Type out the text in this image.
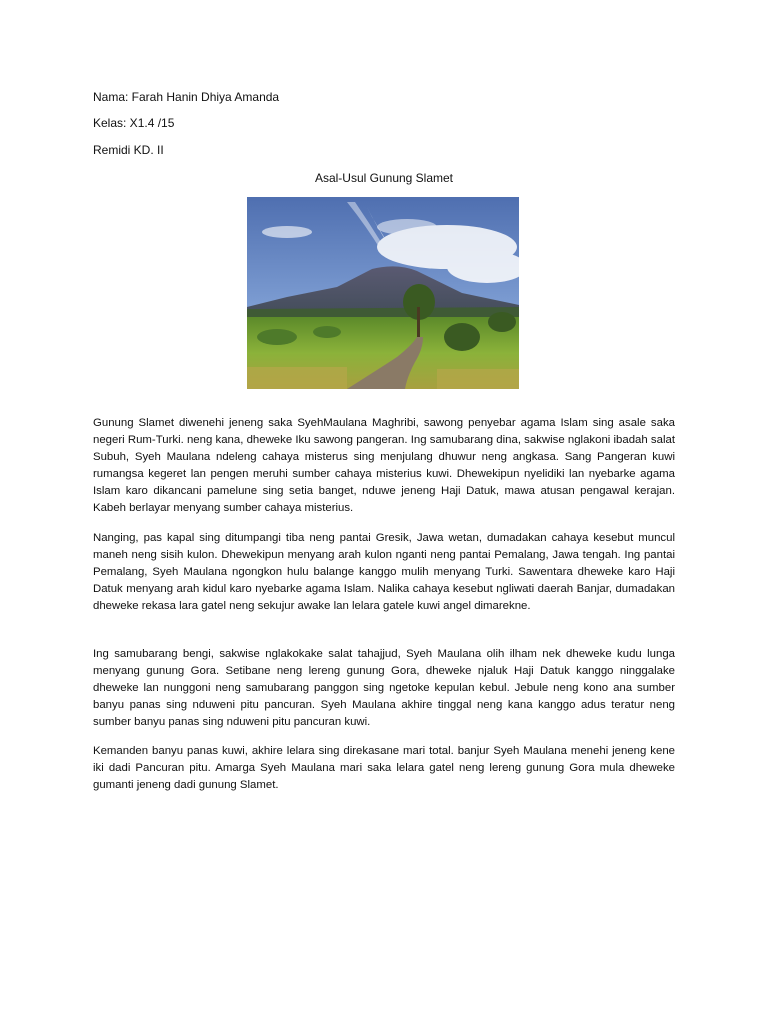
Nama: Farah Hanin Dhiya Amanda

Kelas: X1.4 /15

Remidi KD. II

Asal-Usul Gunung Slamet

Gunung Slamet diwenehi jeneng saka SyehMaulana Maghribi, sawong penyebar agama Islam sing asale saka negeri Rum-Turki. neng kana, dheweke Iku sawong pangeran. Ing samubarang dina, sakwise nglakoni ibadah salat Subuh, Syeh Maulana ndeleng cahaya misterus sing menjulang dhuwur neng angkasa. Sang Pangeran kuwi rumangsa kegeret lan pengen meruhi sumber cahaya misterius kuwi. Dhewekipun nyelidiki lan nyebarke agama Islam karo dikancani pamelune sing setia banget, nduwe jeneng Haji Datuk, mawa atusan pengawal kerajan. Kabeh berlayar menyang sumber cahaya misterius.

Nanging, pas kapal sing ditumpangi tiba neng pantai Gresik, Jawa wetan, dumadakan cahaya kesebut muncul maneh neng sisih kulon. Dhewekipun menyang arah kulon nganti neng pantai Pemalang, Jawa tengah. Ing pantai Pemalang, Syeh Maulana ngongkon hulu balange kanggo mulih menyang Turki. Sawentara dheweke karo Haji Datuk menyang arah kidul karo nyebarke agama Islam. Nalika cahaya kesebut ngliwati daerah Banjar, dumadakan dheweke rekasa lara gatel neng sekujur awake lan lelara gatele kuwi angel dimarekne.

Ing samubarang bengi, sakwise nglakokake salat tahajjud, Syeh Maulana olih ilham nek dheweke kudu lunga menyang gunung Gora. Setibane neng lereng gunung Gora, dheweke njaluk Haji Datuk kanggo ninggalake dheweke lan nunggoni neng samubarang panggon sing ngetoke kepulan kebul. Jebule neng kono ana sumber banyu panas sing nduweni pitu pancuran. Syeh Maulana akhire tinggal neng kana kanggo adus teratur neng sumber banyu panas sing nduweni pitu pancuran kuwi.

Kemanden banyu panas kuwi, akhire lelara sing direkasane mari total. banjur Syeh Maulana menehi jeneng kene iki dadi Pancuran pitu. Amarga Syeh Maulana mari saka lelara gatel neng lereng gunung Gora mula dheweke gumanti jeneng dadi gunung Slamet.
